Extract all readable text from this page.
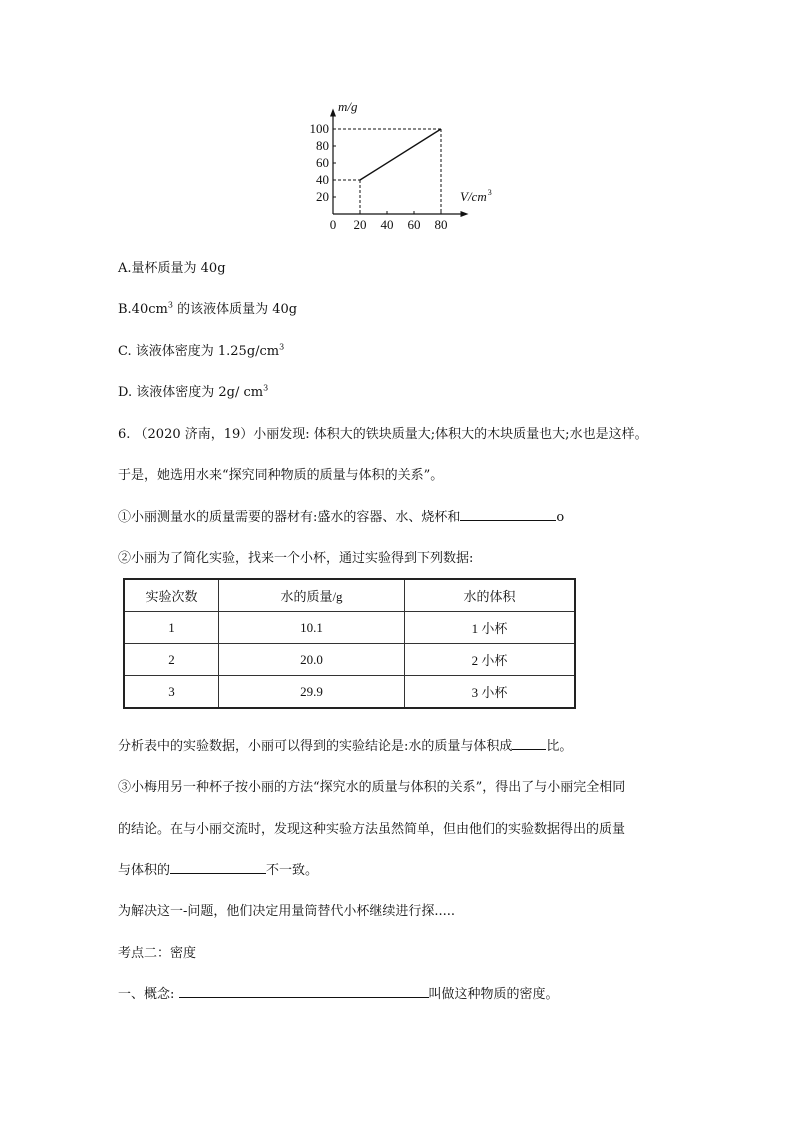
0 20 40 60 80
20
40
60
80
100
m/g
V/cm 3
A.量杯质量为 40g
$B.40cm^3$ 的该液体质量为 40g
C. 该液体密度为 $1.25g/cm^3$
D. 该液体密度为 2g/ $cm^3$
6. （2020 济南，19）小丽发现: 体积大的铁块质量大;体积大的木块质量也大;水也是这样。
于是，她选用水来“探究同种物质的质量与体积的关系”。
①小丽测量水的质量需要的器材有:盛水的容器、水、烧杯和	o
②小丽为了简化实验，找来一个小杯，通过实验得到下列数据:
实验次数	水的质量/g	水的体积
1	10.1	1 小杯
2	20.0	2 小杯
3	29.9	3 小杯
分析表中的实验数据，小丽可以得到的实验结论是:水的质量与体积成	比。
③小梅用另一种杯子按小丽的方法“探究水的质量与体积的关系”，得出了与小丽完全相同
的结论。在与小丽交流时，发现这种实验方法虽然简单，但由他们的实验数据得出的质量
与体积的	不一致。
为解决这一-问题，他们决定用量筒替代小杯继续进行探.....
考点二：密度
一、概念:	叫做这种物质的密度。
